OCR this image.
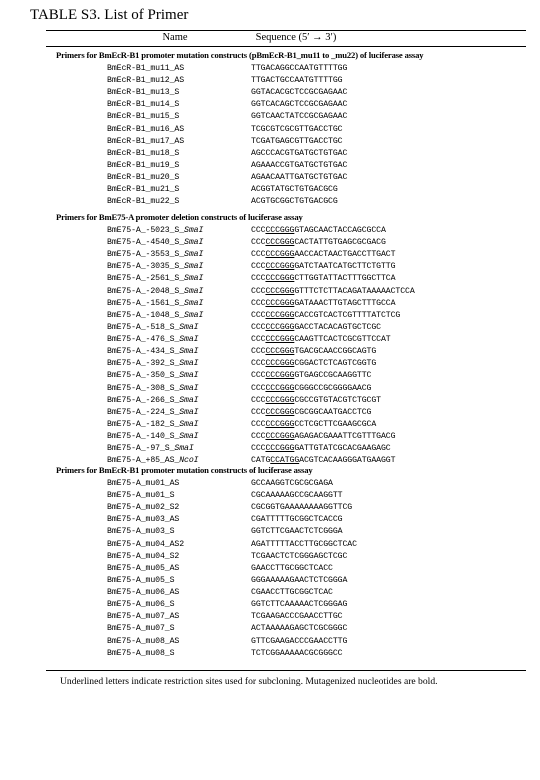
TABLE S3. List of Primer
Name	Sequence (5′ → 3′)
Primers for BmEcR-B1 promoter mutation constructs (pBmEcR-B1_mu11 to _mu22) of luciferase assay
BmEcR-B1_mu11_AS	TTGACAGGCCAATGTTTTGG
BmEcR-B1_mu12_AS	TTGACTGCCAATGTTTTGG
BmEcR-B1_mu13_S	GGTACACGCTCCGCGAGAAC
BmEcR-B1_mu14_S	GGTCACAGCTCCGCGAGAAC
BmEcR-B1_mu15_S	GGTCAACTATCCGCGAGAAC
BmEcR-B1_mu16_AS	TCGCGTCGCGTTGACCTGC
BmEcR-B1_mu17_AS	TCGATGAGCGTTGACCTGC
BmEcR-B1_mu18_S	AGCCCACGTGATGCTGTGAC
BmEcR-B1_mu19_S	AGAAACCGTGATGCTGTGAC
BmEcR-B1_mu20_S	AGAACAATTGATGCTGTGAC
BmEcR-B1_mu21_S	ACGGTATGCTGTGACGCG
BmEcR-B1_mu22_S	ACGTGCGGCTGTGACGCG
Primers for BmE75-A promoter deletion constructs of luciferase assay
BmE75-A_-5023_S_SmaI	CCCCCCGGGGTAGCAACTACCAGCGCCA
BmE75-A_-4540_S_SmaI	CCCCCCGGGCACTATTGTGAGCGCGACG
BmE75-A_-3553_S_SmaI	CCCCCCGGGAACCACTAACTGACCTTGACT
BmE75-A_-3035_S_SmaI	CCCCCCGGGGATCTAATCATGCTTCTGTTG
BmE75-A_-2561_S_SmaI	CCCCCCGGGCTTGGTATTACTTTGGCTTCA
BmE75-A_-2048_S_SmaI	CCCCCCGGGGTTTCTCTTACAGATAAAAACTCCA
BmE75-A_-1561_S_SmaI	CCCCCCGGGGATAAACTTGTAGCTTTGCCA
BmE75-A_-1048_S_SmaI	CCCCCCGGGCACCGTCACTCGTTTTATCTCG
BmE75-A_-518_S_SmaI	CCCCCCGGGGACCTACACAGTGCTCGC
BmE75-A_-476_S_SmaI	CCCCCCGGGCAAGTTCACTCGCGTTCCAT
BmE75-A_-434_S_SmaI	CCCCCCGGGTGACGCAACCGGCAGTG
BmE75-A_-392_S_SmaI	CCCCCCGGGCGGACTCTCAGTCGGTG
BmE75-A_-350_S_SmaI	CCCCCCGGGGTGAGCCGCAAGGTTC
BmE75-A_-308_S_SmaI	CCCCCCGGGCGGGCCGCGGGGAACG
BmE75-A_-266_S_SmaI	CCCCCCGGGCGCCGTGTACGTCTGCGT
BmE75-A_-224_S_SmaI	CCCCCCGGGCGCGGCAATGACCTCG
BmE75-A_-182_S_SmaI	CCCCCCGGGCCTCGCTTCGAAGCGCA
BmE75-A_-140_S_SmaI	CCCCCCGGGAGAGACGAAATTCGTTTGACG
BmE75-A_-97_S_SmaI	CCCCCCGGGGATTGTATCGCACGAAGAGC
BmE75-A_+85_AS_NcoI	CATGCCATGGACGTCACAAGGGATGAAGGT
Primers for BmEcR-B1 promoter mutation constructs of luciferase assay
BmE75-A_mu01_AS	GCCAAGGTCGCGCGAGA
BmE75-A_mu01_S	CGCAAAAAGCCGCAAGGTT
BmE75-A_mu02_S2	CGCGGTGAAAAAAAAGGTTCG
BmE75-A_mu03_AS	CGATTTTTGCGGCTCACCG
BmE75-A_mu03_S	GGTCTTCGAACTCTCGGGA
BmE75-A_mu04_AS2	AGATTTTTACCTTGCGGCTCAC
BmE75-A_mu04_S2	TCGAACTCTCGGGAGCTCGC
BmE75-A_mu05_AS	GAACCTTGCGGCTCACC
BmE75-A_mu05_S	GGGAAAAAGAACTCTCGGGA
BmE75-A_mu06_AS	CGAACCTTGCGGCTCAC
BmE75-A_mu06_S	GGTCTTCAAAAACTCGGGAG
BmE75-A_mu07_AS	TCGAAGACCCGAACCTTGC
BmE75-A_mu07_S	ACTAAAAAGAGCTCGCGGGC
BmE75-A_mu08_AS	GTTCGAAGACCCGAACCTTG
BmE75-A_mu08_S	TCTCGGAAAAACGCGGGCC
Underlined letters indicate restriction sites used for subcloning. Mutagenized nucleotides are bold.
